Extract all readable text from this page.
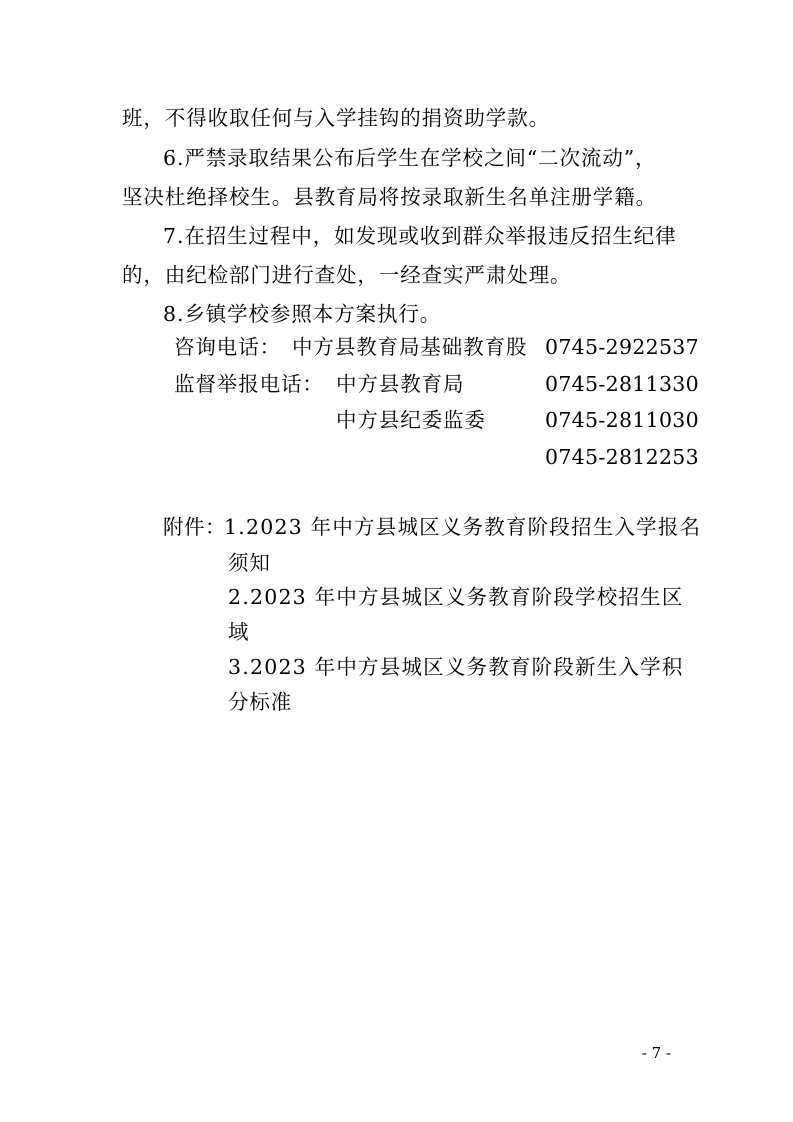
班，不得收取任何与入学挂钩的捐资助学款。
6.严禁录取结果公布后学生在学校之间“二次流动”，
坚决杜绝择校生。县教育局将按录取新生名单注册学籍。
7.在招生过程中，如发现或收到群众举报违反招生纪律
的，由纪检部门进行查处，一经查实严肃处理。
8.乡镇学校参照本方案执行。
咨询电话： 中方县教育局基础教育股 0745-2922537
监督举报电话： 中方县教育局	0745-2811330
中方县纪委监委	0745-2811030
0745-2812253
附件：
1.2023 年中方县城区义务教育阶段招生入学报名
须知
2.2023 年中方县城区义务教育阶段学校招生区
域
3.2023 年中方县城区义务教育阶段新生入学积
分标准
- 7 -
